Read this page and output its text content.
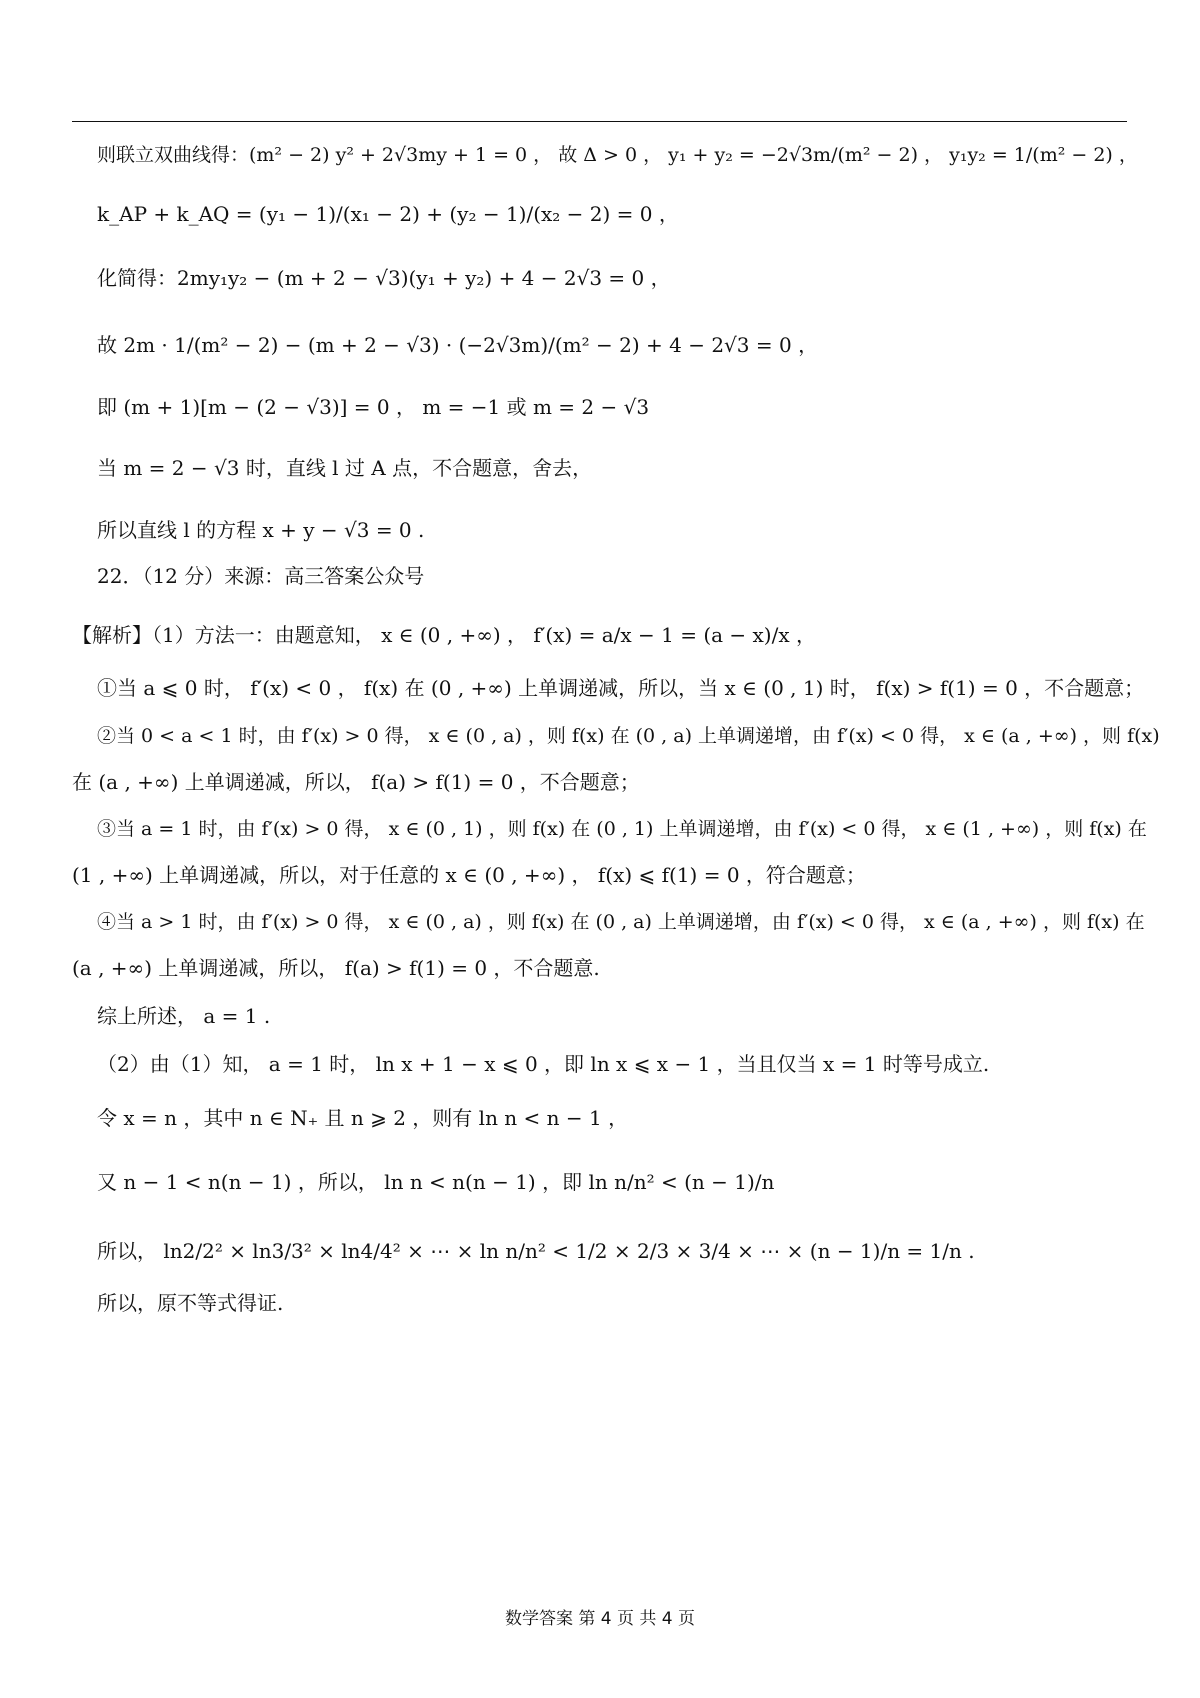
则联立双曲线得：(m² − 2) y² + 2√3my + 1 = 0 ， 故 Δ > 0 ， y₁ + y₂ = −2√3m/(m² − 2) ， y₁y₂ = 1/(m² − 2) ，
k_AP + k_AQ = (y₁ − 1)/(x₁ − 2) + (y₂ − 1)/(x₂ − 2) = 0 ，
化简得：2my₁y₂ − (m + 2 − √3)(y₁ + y₂) + 4 − 2√3 = 0 ，
故 2m · 1/(m² − 2) − (m + 2 − √3) · (−2√3m)/(m² − 2) + 4 − 2√3 = 0 ，
即 (m + 1)[m − (2 − √3)] = 0 ， m = −1 或 m = 2 − √3
当 m = 2 − √3 时，直线 l 过 A 点，不合题意，舍去，
所以直线 l 的方程 x + y − √3 = 0 .
22．（12 分）来源：高三答案公众号
【解析】（1）方法一：由题意知， x ∈ (0 , +∞) ， f′(x) = a/x − 1 = (a − x)/x ，
①当 a ⩽ 0 时， f′(x) < 0 ， f(x) 在 (0 , +∞) 上单调递减，所以，当 x ∈ (0 , 1) 时， f(x) > f(1) = 0 ，不合题意；
②当 0 < a < 1 时，由 f′(x) > 0 得， x ∈ (0 , a) ，则 f(x) 在 (0 , a) 上单调递增，由 f′(x) < 0 得， x ∈ (a , +∞) ，则 f(x)
在 (a , +∞) 上单调递减，所以， f(a) > f(1) = 0 ，不合题意；
③当 a = 1 时，由 f′(x) > 0 得， x ∈ (0 , 1) ，则 f(x) 在 (0 , 1) 上单调递增，由 f′(x) < 0 得， x ∈ (1 , +∞) ，则 f(x) 在
(1 , +∞) 上单调递减，所以，对于任意的 x ∈ (0 , +∞) ， f(x) ⩽ f(1) = 0 ，符合题意；
④当 a > 1 时，由 f′(x) > 0 得， x ∈ (0 , a) ，则 f(x) 在 (0 , a) 上单调递增，由 f′(x) < 0 得， x ∈ (a , +∞) ，则 f(x) 在
(a , +∞) 上单调递减，所以， f(a) > f(1) = 0 ，不合题意.
综上所述， a = 1 .
（2）由（1）知， a = 1 时， ln x + 1 − x ⩽ 0 ，即 ln x ⩽ x − 1 ，当且仅当 x = 1 时等号成立.
令 x = n ，其中 n ∈ N₊ 且 n ⩾ 2 ，则有 ln n < n − 1 ，
又 n − 1 < n(n − 1) ，所以， ln n < n(n − 1) ，即 ln n/n² < (n − 1)/n
所以， ln2/2² × ln3/3² × ln4/4² × ⋯ × ln n/n² < 1/2 × 2/3 × 3/4 × ⋯ × (n − 1)/n = 1/n .
所以，原不等式得证.
数学答案 第 4 页 共 4 页
